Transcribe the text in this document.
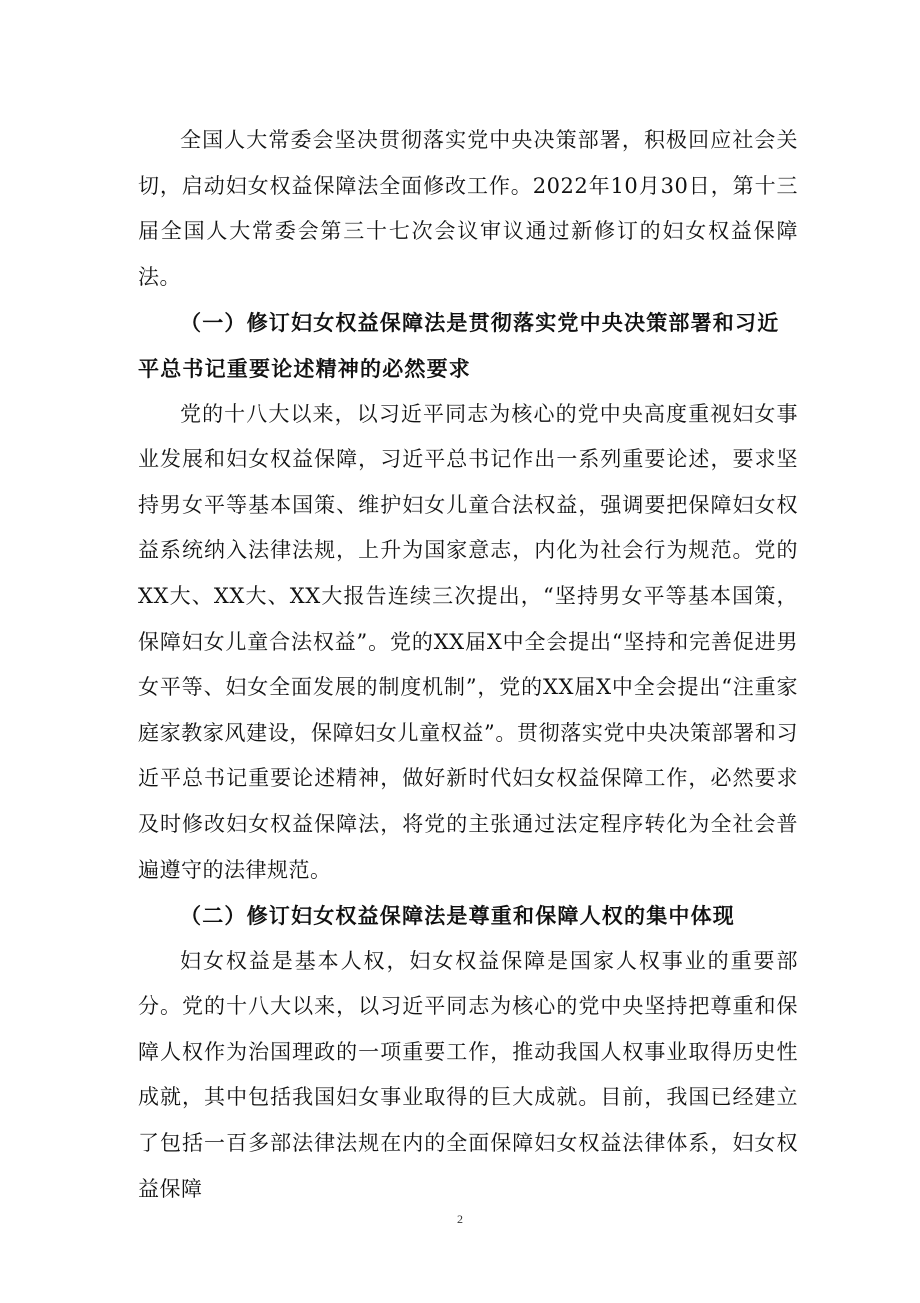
全国人大常委会坚决贯彻落实党中央决策部署，积极回应社会关切，启动妇女权益保障法全面修改工作。2022年10月30日，第十三届全国人大常委会第三十七次会议审议通过新修订的妇女权益保障法。

（一）修订妇女权益保障法是贯彻落实党中央决策部署和习近平总书记重要论述精神的必然要求

党的十八大以来，以习近平同志为核心的党中央高度重视妇女事业发展和妇女权益保障，习近平总书记作出一系列重要论述，要求坚持男女平等基本国策、维护妇女儿童合法权益，强调要把保障妇女权益系统纳入法律法规，上升为国家意志，内化为社会行为规范。党的XX大、XX大、XX大报告连续三次提出，“坚持男女平等基本国策，保障妇女儿童合法权益”。党的XX届X中全会提出“坚持和完善促进男女平等、妇女全面发展的制度机制”，党的XX届X中全会提出“注重家庭家教家风建设，保障妇女儿童权益”。贯彻落实党中央决策部署和习近平总书记重要论述精神，做好新时代妇女权益保障工作，必然要求及时修改妇女权益保障法，将党的主张通过法定程序转化为全社会普遍遵守的法律规范。

（二）修订妇女权益保障法是尊重和保障人权的集中体现

妇女权益是基本人权，妇女权益保障是国家人权事业的重要部分。党的十八大以来，以习近平同志为核心的党中央坚持把尊重和保障人权作为治国理政的一项重要工作，推动我国人权事业取得历史性成就，其中包括我国妇女事业取得的巨大成就。目前，我国已经建立了包括一百多部法律法规在内的全面保障妇女权益法律体系，妇女权益保障

2
